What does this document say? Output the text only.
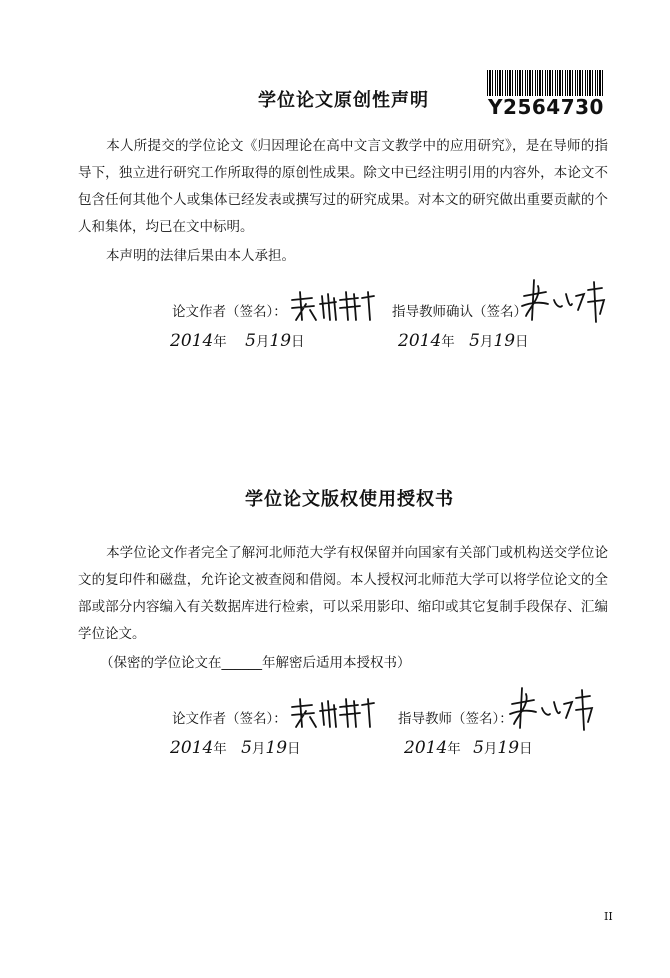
学位论文原创性声明	Y2564730
本人所提交的学位论文《归因理论在高中文言文教学中的应用研究》，是在导师的指导下，独立进行研究工作所取得的原创性成果。除文中已经注明引用的内容外，本论文不包含任何其他个人或集体已经发表或撰写过的研究成果。对本文的研究做出重要贡献的个人和集体，均已在文中标明。
本声明的法律后果由本人承担。
论文作者（签名）：	指导教师确认（签名）
2014年 5月19日	2014年 5月19日
学位论文版权使用授权书
本学位论文作者完全了解河北师范大学有权保留并向国家有关部门或机构送交学位论文的复印件和磁盘，允许论文被查阅和借阅。本人授权河北师范大学可以将学位论文的全部或部分内容编入有关数据库进行检索，可以采用影印、缩印或其它复制手段保存、汇编学位论文。
（保密的学位论文在______年解密后适用本授权书）
论文作者（签名）：	指导教师（签名）：
2014年 5月19日	2014年 5月19日
II
